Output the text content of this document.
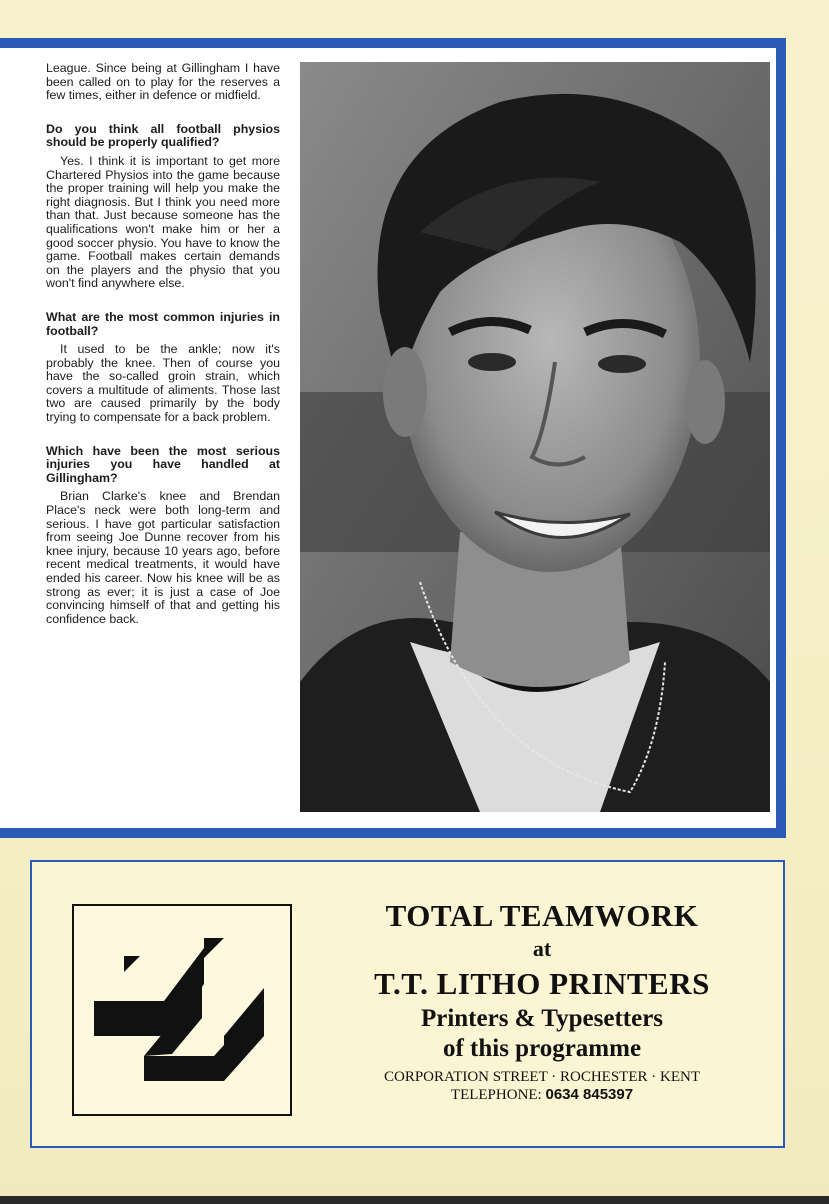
League. Since being at Gillingham I have been called on to play for the reserves a few times, either in defence or midfield.

Do you think all football physios should be properly qualified?

Yes. I think it is important to get more Chartered Physios into the game because the proper training will help you make the right diagnosis. But I think you need more than that. Just because someone has the qualifications won't make him or her a good soccer physio. You have to know the game. Football makes certain demands on the players and the physio that you won't find anywhere else.

What are the most common injuries in football?

It used to be the ankle; now it's probably the knee. Then of course you have the so-called groin strain, which covers a multitude of aliments. Those last two are caused primarily by the body trying to compensate for a back problem.

Which have been the most serious injuries you have handled at Gillingham?

Brian Clarke's knee and Brendan Place's neck were both long-term and serious. I have got particular satisfaction from seeing Joe Dunne recover from his knee injury, because 10 years ago, before recent medical treatments, it would have ended his career. Now his knee will be as strong as ever; it is just a case of Joe convincing himself of that and getting his confidence back.

TOTAL TEAMWORK
at
T.T. LITHO PRINTERS
Printers & Typesetters
of this programme
CORPORATION STREET · ROCHESTER · KENT
TELEPHONE: 0634 845397
